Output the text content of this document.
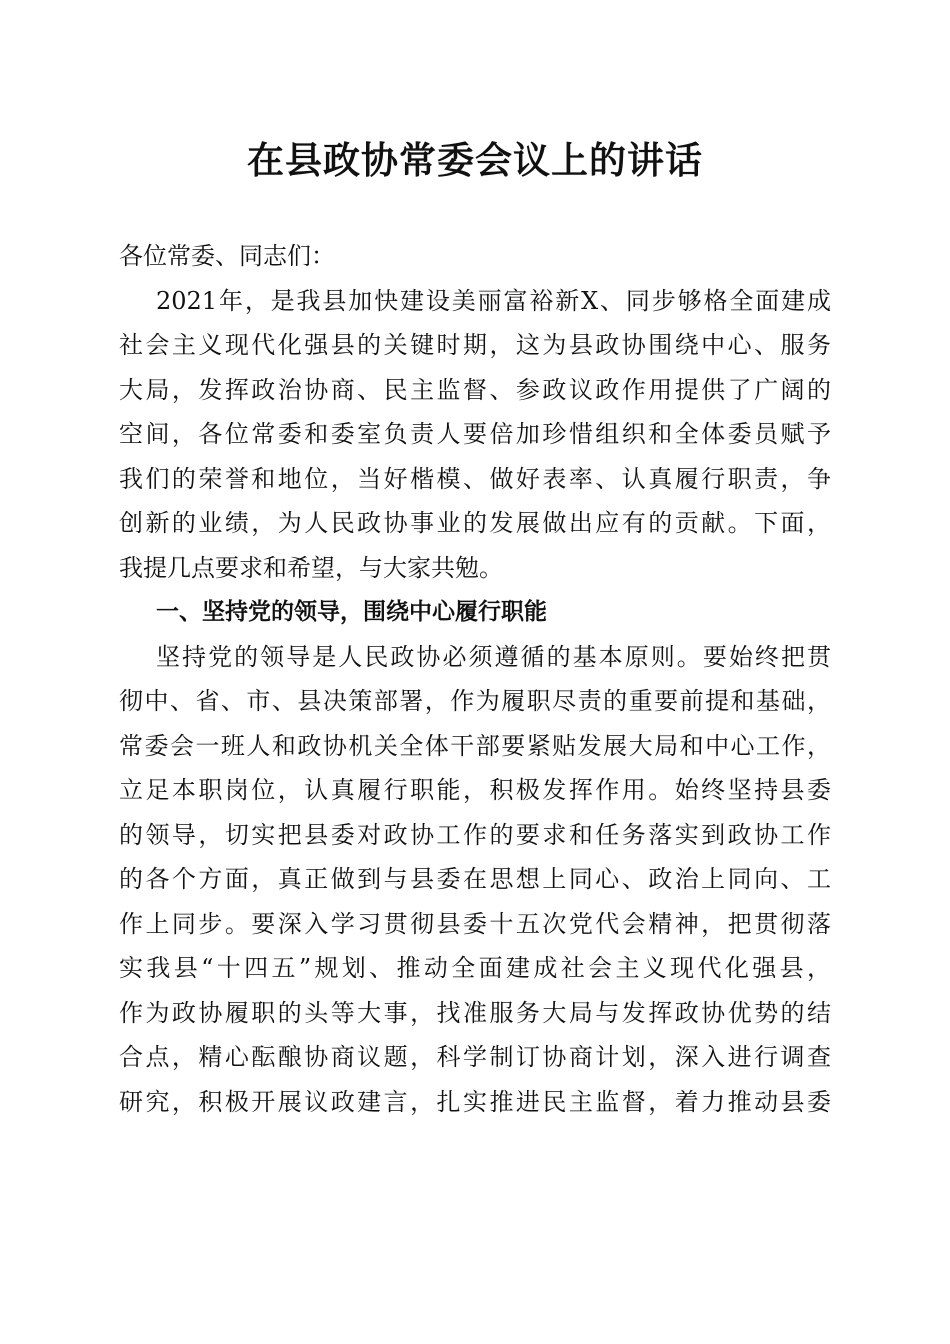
在县政协常委会议上的讲话
各位常委、同志们：
2021年，是我县加快建设美丽富裕新X、同步够格全面建成
社会主义现代化强县的关键时期，这为县政协围绕中心、服务
大局，发挥政治协商、民主监督、参政议政作用提供了广阔的
空间，各位常委和委室负责人要倍加珍惜组织和全体委员赋予
我们的荣誉和地位，当好楷模、做好表率、认真履行职责，争
创新的业绩，为人民政协事业的发展做出应有的贡献。下面，
我提几点要求和希望，与大家共勉。
一、坚持党的领导，围绕中心履行职能
坚持党的领导是人民政协必须遵循的基本原则。要始终把贯
彻中、省、市、县决策部署，作为履职尽责的重要前提和基础，
常委会一班人和政协机关全体干部要紧贴发展大局和中心工作，
立足本职岗位，认真履行职能，积极发挥作用。始终坚持县委
的领导，切实把县委对政协工作的要求和任务落实到政协工作
的各个方面，真正做到与县委在思想上同心、政治上同向、工
作上同步。要深入学习贯彻县委十五次党代会精神，把贯彻落
实我县“十四五”规划、推动全面建成社会主义现代化强县，
作为政协履职的头等大事，找准服务大局与发挥政协优势的结
合点，精心酝酿协商议题，科学制订协商计划，深入进行调查
研究，积极开展议政建言，扎实推进民主监督，着力推动县委
